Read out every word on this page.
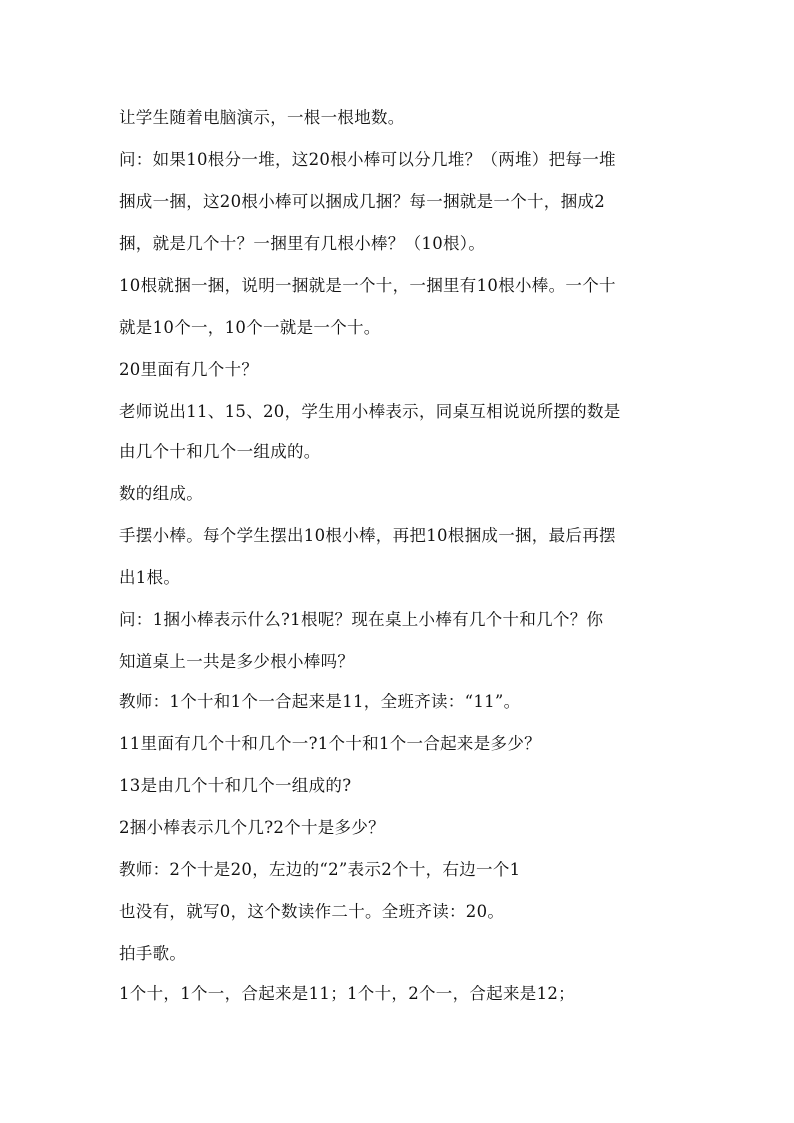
让学生随着电脑演示，一根一根地数。
问：如果10根分一堆，这20根小棒可以分几堆？（两堆）把每一堆
捆成一捆，这20根小棒可以捆成几捆？每一捆就是一个十，捆成2
捆，就是几个十？一捆里有几根小棒？（10根）。
10根就捆一捆，说明一捆就是一个十，一捆里有10根小棒。一个十
就是10个一，10个一就是一个十。
20里面有几个十？
老师说出11、15、20，学生用小棒表示，同桌互相说说所摆的数是
由几个十和几个一组成的。
数的组成。
手摆小棒。每个学生摆出10根小棒，再把10根捆成一捆，最后再摆
出1根。
问：1捆小棒表示什么?1根呢？现在桌上小棒有几个十和几个？你
知道桌上一共是多少根小棒吗？
教师：1个十和1个一合起来是11，全班齐读：“11”。
11里面有几个十和几个一?1个十和1个一合起来是多少？
13是由几个十和几个一组成的?
2捆小棒表示几个几?2个十是多少？
教师：2个十是20，左边的“2”表示2个十，右边一个1
也没有，就写0，这个数读作二十。全班齐读：20。
拍手歌。
1个十，1个一，合起来是11；1个十，2个一，合起来是12；
